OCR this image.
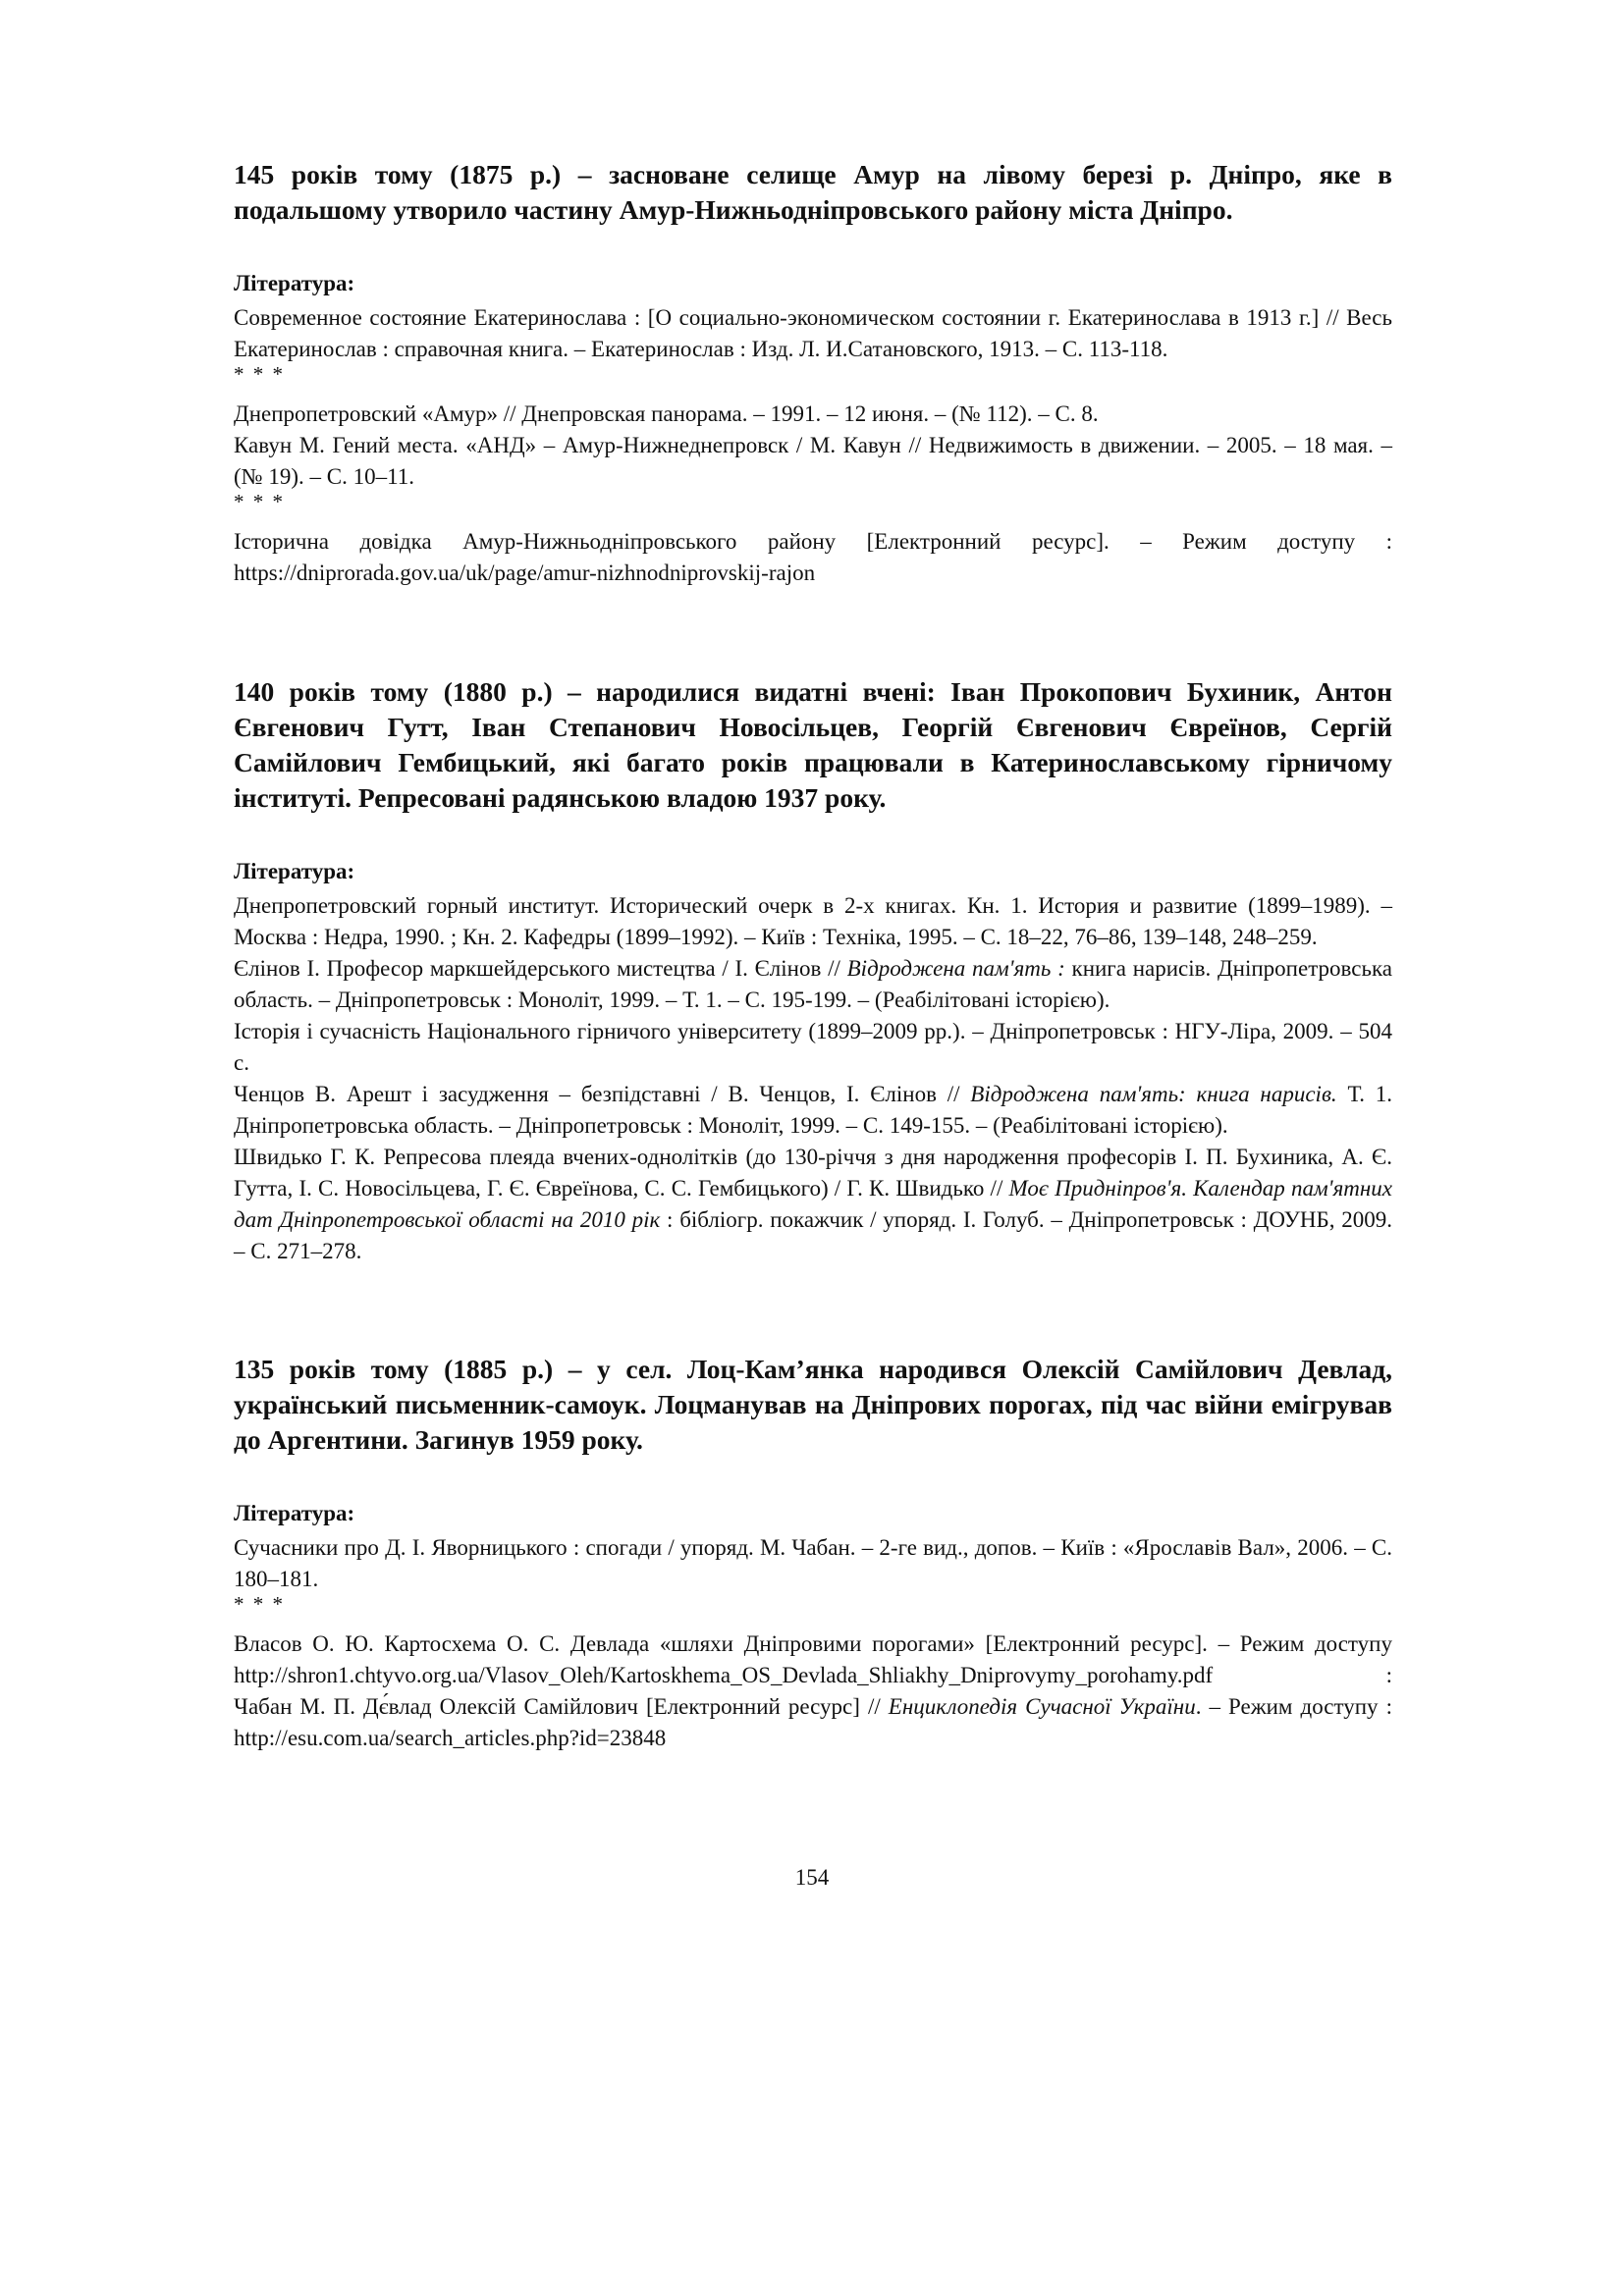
145 років тому (1875 р.) – засноване селище Амур на лівому березі р. Дніпро, яке в подальшому утворило частину Амур-Нижньодніпровського району міста Дніпро.

Література:

Современное состояние Екатеринослава : [О социально-экономическом состоянии г. Екатеринослава в 1913 г.] // Весь Екатеринослав : справочная книга. – Екатеринослав : Изд. Л. И.Сатановского, 1913. – С. 113-118.

* * *

Днепропетровский «Амур» // Днепровская панорама. – 1991. – 12 июня. – (№ 112). – С. 8.

Кавун М. Гений места. «АНД» – Амур-Нижнеднепровск / М. Кавун // Недвижимость в движении. – 2005. – 18 мая. – (№ 19). – С. 10–11.

* * *

Історична довідка Амур-Нижньодніпровського району [Електронний ресурс]. – Режим доступу :

https://dniprorada.gov.ua/uk/page/amur-nizhnodniprovskij-rajon

140 років тому (1880 р.) – народилися видатні вчені: Іван Прокопович Бухиник, Антон Євгенович Гутт, Іван Степанович Новосільцев, Георгій Євгенович Євреїнов, Сергій Самійлович Гембицький, які багато років працювали в Катеринославському гірничому інституті. Репресовані радянською владою 1937 року.

Література:

Днепропетровский горный институт. Исторический очерк в 2-х книгах. Кн. 1. История и развитие (1899–1989). – Москва : Недра, 1990. ; Кн. 2. Кафедры (1899–1992). – Київ : Техніка, 1995. – С. 18–22, 76–86, 139–148, 248–259.

Єлінов І. Професор маркшейдерського мистецтва / І. Єлінов // Відроджена пам'ять : книга нарисів. Дніпропетровська область. – Дніпропетровськ : Моноліт, 1999. – Т. 1. – С. 195-199. – (Реабілітовані історією).

Історія і сучасність Національного гірничого університету (1899–2009 рр.). – Дніпропетровськ : НГУ-Ліра, 2009. – 504 с.

Ченцов В. Арешт і засудження – безпідставні / В. Ченцов, І. Єлінов // Відроджена пам'ять: книга нарисів. Т. 1. Дніпропетровська область. – Дніпропетровськ : Моноліт, 1999. – С. 149-155. – (Реабілітовані історією).

Швидько Г. К. Репресова плеяда вчених-однолітків (до 130-річчя з дня народження професорів І. П. Бухиника, А. Є. Гутта, І. С. Новосільцева, Г. Є. Євреїнова, С. С. Гембицького) / Г. К. Швидько // Моє Придніпров'я. Календар пам'ятних дат Дніпропетровської області на 2010 рік : бібліогр. покажчик / упоряд. І. Голуб. – Дніпропетровськ : ДОУНБ, 2009. – С. 271–278.

135 років тому (1885 р.) – у сел. Лоц-Кам’янка народився Олексій Самійлович Девлад, український письменник-самоук. Лоцманував на Дніпрових порогах, під час війни емігрував до Аргентини. Загинув 1959 року.

Література:

Сучасники про Д. І. Яворницького : спогади / упоряд. М. Чабан. – 2-ге вид., допов. – Київ : «Ярославів Вал», 2006. – С. 180–181.

* * *

Власов О. Ю. Картосхема О. С. Девлада «шляхи Дніпровими порогами» [Електронний ресурс]. – Режим доступу

:

http://shron1.chtyvo.org.ua/Vlasov_Oleh/Kartoskhema_OS_Devlada_Shliakhy_Dniprovymy_porohamy.pdf

Чабан М. П. Дє́влад Олексій Самійлович [Електронний ресурс] // Енциклопедія Сучасної України. – Режим доступу : http://esu.com.ua/search_articles.php?id=23848

154
